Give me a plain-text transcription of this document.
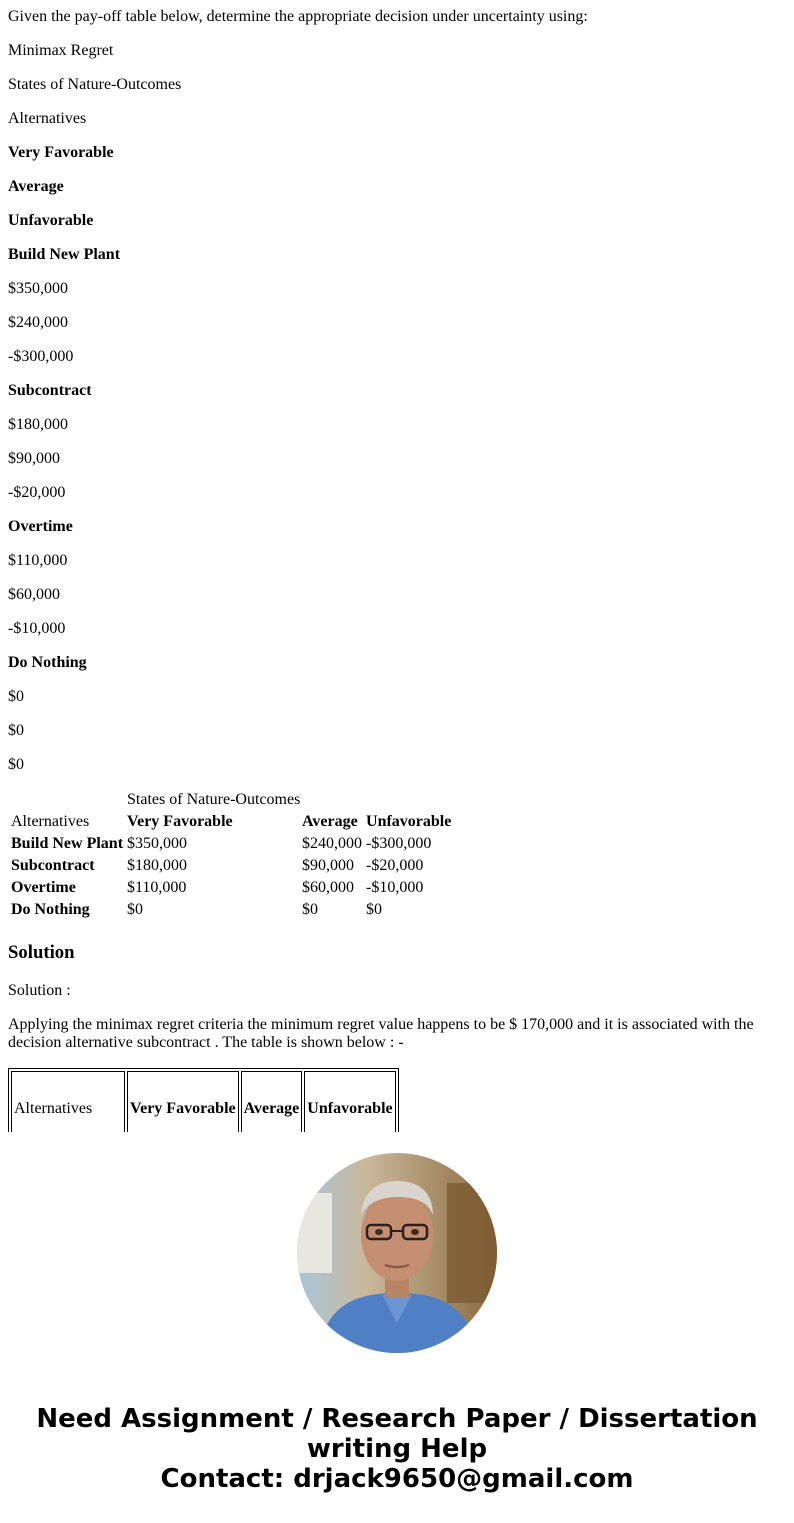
Given the pay-off table below, determine the appropriate decision under uncertainty using:

Minimax Regret

States of Nature-Outcomes

Alternatives

Very Favorable

Average

Unfavorable

Build New Plant

$350,000

$240,000

-$300,000

Subcontract

$180,000

$90,000

-$20,000

Overtime

$110,000

$60,000

-$10,000

Do Nothing

$0

$0

$0

	States of Nature-Outcomes		
Alternatives	Very Favorable	Average	Unfavorable
Build New Plant	$350,000	$240,000	-$300,000
Subcontract	$180,000	$90,000	-$20,000
Overtime	$110,000	$60,000	-$10,000
Do Nothing	$0	$0	$0
Solution

Solution :

Applying the minimax regret criteria the minimum regret value happens to be $ 170,000 and it is associated with the decision alternative subcontract . The table is shown below : -

Alternatives	Very Favorable	Average	Unfavorable
Need Assignment / Research Paper / Dissertation
writing Help
Contact: drjack9650@gmail.com
